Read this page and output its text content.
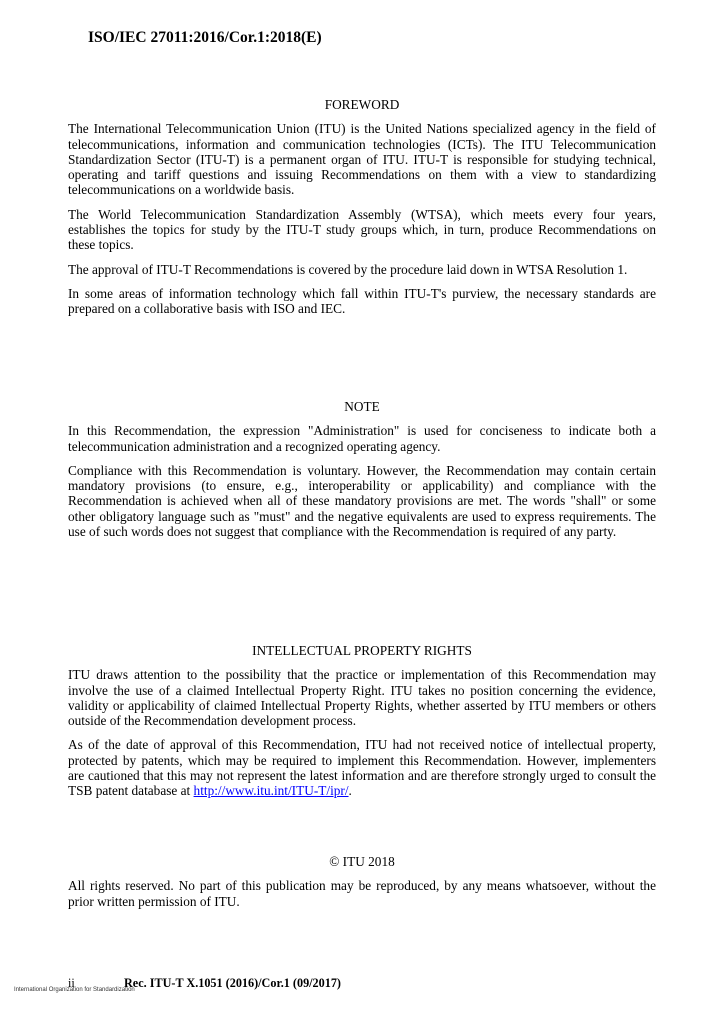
ISO/IEC 27011:2016/Cor.1:2018(E)
FOREWORD
The International Telecommunication Union (ITU) is the United Nations specialized agency in the field of
telecommunications, information and communication technologies (ICTs). The ITU Telecommunication
Standardization Sector (ITU-T) is a permanent organ of ITU. ITU-T is responsible for studying technical,
operating and tariff questions and issuing Recommendations on them with a view to standardizing
telecommunications on a worldwide basis.
The World Telecommunication Standardization Assembly (WTSA), which meets every four years,
establishes the topics for study by the ITU-T study groups which, in turn, produce Recommendations on
these topics.
The approval of ITU-T Recommendations is covered by the procedure laid down in WTSA Resolution 1.
In some areas of information technology which fall within ITU-T's purview, the necessary standards are
prepared on a collaborative basis with ISO and IEC.
NOTE
In this Recommendation, the expression "Administration" is used for conciseness to indicate both a
telecommunication administration and a recognized operating agency.
Compliance with this Recommendation is voluntary. However, the Recommendation may contain certain
mandatory provisions (to ensure, e.g., interoperability or applicability) and compliance with the
Recommendation is achieved when all of these mandatory provisions are met. The words "shall" or some
other obligatory language such as "must" and the negative equivalents are used to express requirements. The
use of such words does not suggest that compliance with the Recommendation is required of any party.
INTELLECTUAL PROPERTY RIGHTS
ITU draws attention to the possibility that the practice or implementation of this Recommendation may
involve the use of a claimed Intellectual Property Right. ITU takes no position concerning the evidence,
validity or applicability of claimed Intellectual Property Rights, whether asserted by ITU members or others
outside of the Recommendation development process.
As of the date of approval of this Recommendation, ITU had not received notice of intellectual property,
protected by patents, which may be required to implement this Recommendation. However, implementers
are cautioned that this may not represent the latest information and are therefore strongly urged to consult the
TSB patent database at http://www.itu.int/ITU-T/ipr/.
© ITU 2018
All rights reserved. No part of this publication may be reproduced, by any means whatsoever, without the
prior written permission of ITU.
ii	Rec. ITU-T X.1051 (2016)/Cor.1 (09/2017)
International Organization for Standardization
